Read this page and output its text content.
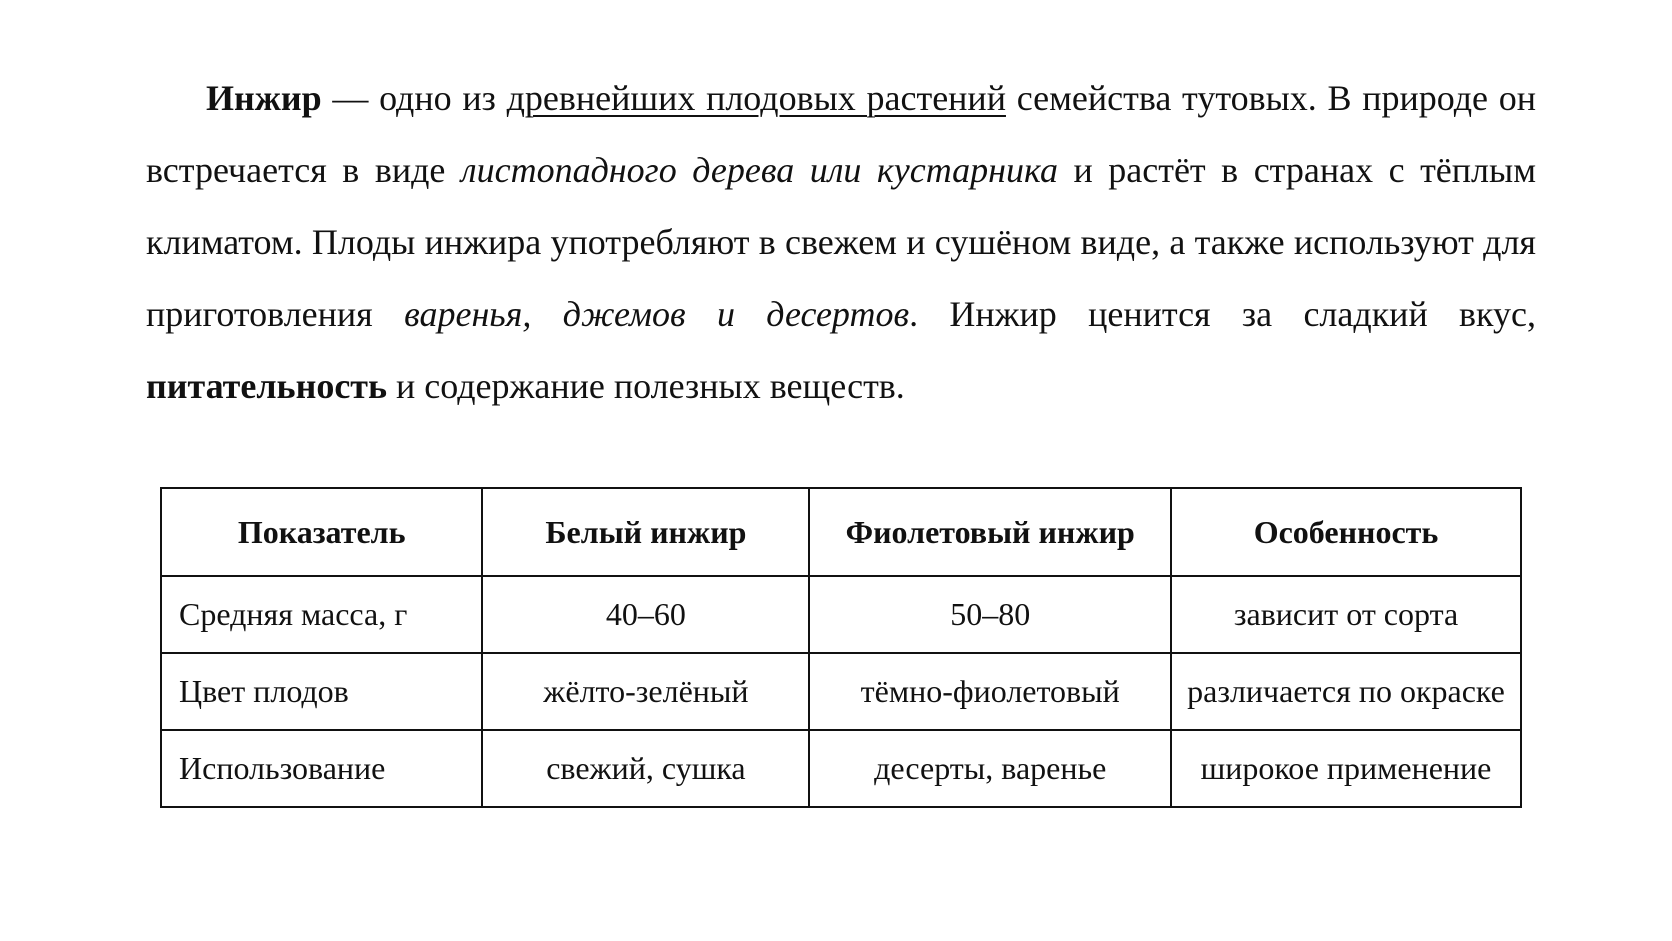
Инжир — одно из древнейших плодовых растений семейства тутовых. В природе он встречается в виде листопадного дерева или кустарника и растёт в странах с тёплым климатом. Плоды инжира употребляют в свежем и сушёном виде, а также используют для приготовления варенья, джемов и десертов. Инжир ценится за сладкий вкус, питательность и содержание полезных веществ.

Показатель	Белый инжир	Фиолетовый инжир	Особенность
Средняя масса, г	40–60	50–80	зависит от сорта
Цвет плодов	жёлто-зелёный	тёмно-фиолетовый	различается по окраске
Использование	свежий, сушка	десерты, варенье	широкое применение
